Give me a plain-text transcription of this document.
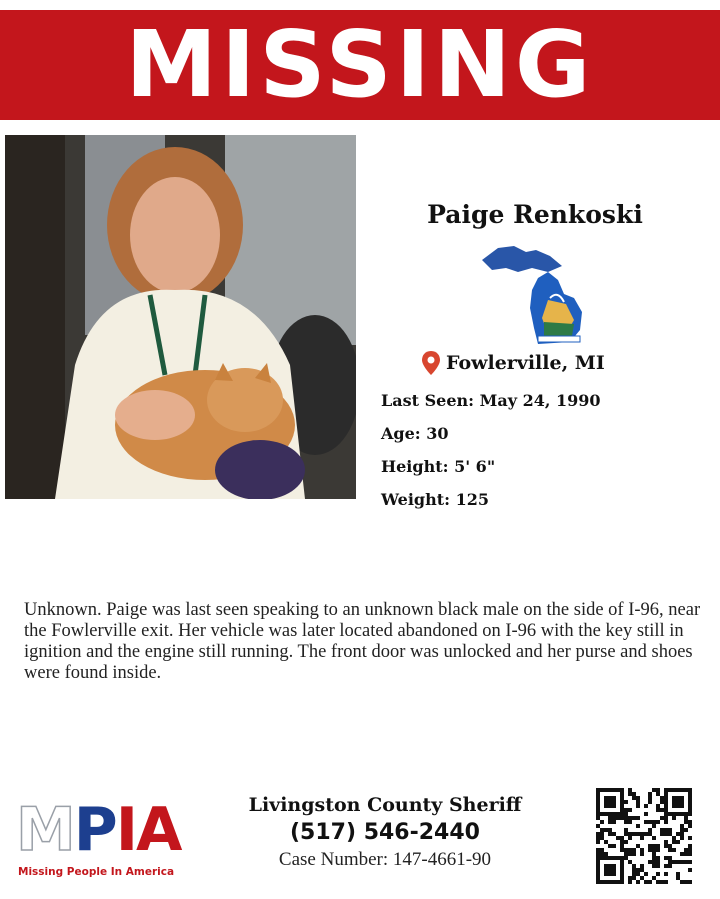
MISSING
Paige Renkoski
Fowlerville, MI
Last Seen: May 24, 1990
Age: 30
Height: 5' 6"
Weight: 125
Unknown. Paige was last seen speaking to an unknown black male on the side of I-96, near the Fowlerville exit. Her vehicle was later located abandoned on I-96 with the key still in ignition and the engine still running. The front door was unlocked and her purse and shoes were found inside.
MPIA
Missing People In America
Livingston County Sheriff
(517) 546-2440
Case Number: 147-4661-90
